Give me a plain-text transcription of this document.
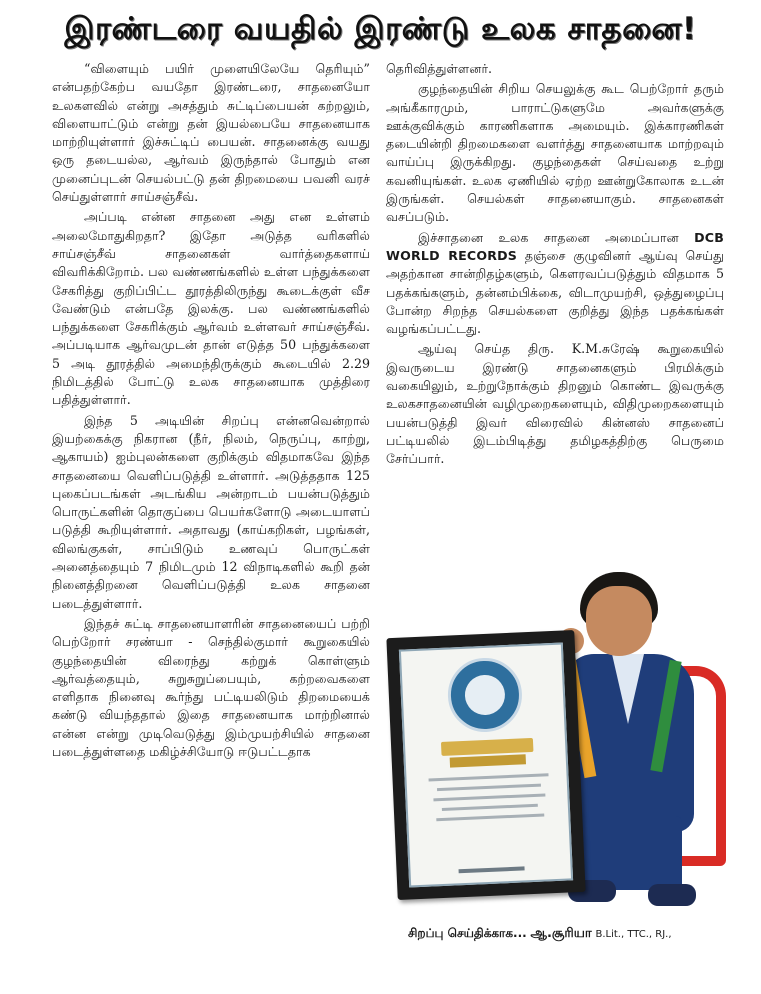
இரண்டரை வயதில் இரண்டு உலக சாதனை!

“விளையும் பயிர் முளையிலேயே தெரியும்” என்பதற்கேற்ப வயதோ இரண்டரை, சாதனையோ உலகளவில் என்று அசத்தும் சுட்டிப்பையன் கற்றலும், விளையாட்டும் என்று தன் இயல்பையே சாதனையாக மாற்றியுள்ளார் இச்சுட்டிப் பையன். சாதனைக்கு வயது ஒரு தடையல்ல, ஆர்வம் இருந்தால் போதும் என முனைப்புடன் செயல்பட்டு தன் திறமையை பவனி வரச் செய்துள்ளார் சாய்சஞ்சீவ்.

அப்படி என்ன சாதனை அது என உள்ளம் அலைமோதுகிறதா? இதோ அடுத்த வரிகளில் சாய்சஞ்சீவ் சாதனைகள் வார்த்தைகளாய் விவரிக்கிறோம். பல வண்ணங்களில் உள்ள பந்துக்களை சேகரித்து குறிப்பிட்ட தூரத்திலிருந்து கூடைக்குள் வீச வேண்டும் என்பதே இலக்கு. பல வண்ணங்களில் பந்துக்களை சேகரிக்கும் ஆர்வம் உள்ளவர் சாய்சஞ்சீவ். அப்படியாக ஆர்வமுடன் தான் எடுத்த 50 பந்துக்களை 5 அடி தூரத்தில் அமைந்திருக்கும் கூடையில் 2.29 நிமிடத்தில் போட்டு உலக சாதனையாக முத்திரை பதித்துள்ளார்.

இந்த 5 அடியின் சிறப்பு என்னவென்றால் இயற்கைக்கு நிகரான (நீர், நிலம், நெருப்பு, காற்று, ஆகாயம்) ஐம்புலன்களை குறிக்கும் விதமாகவே இந்த சாதனையை வெளிப்படுத்தி உள்ளார். அடுத்ததாக 125 புகைப்படங்கள் அடங்கிய அன்றாடம் பயன்படுத்தும் பொருட்களின் தொகுப்பை பெயர்களோடு அடையாளப் படுத்தி கூறியுள்ளார். அதாவது (காய்கறிகள், பழங்கள், விலங்குகள், சாப்பிடும் உணவுப் பொருட்கள் அனைத்தையும் 7 நிமிடமும் 12 விநாடிகளில் கூறி தன் நினைத்திறனை வெளிப்படுத்தி உலக சாதனை படைத்துள்ளார்.

இந்தச் சுட்டி சாதனையாளரின் சாதனையைப் பற்றி பெற்றோர் சரண்யா - செந்தில்குமார் கூறுகையில் குழந்தையின் விரைந்து கற்றுக் கொள்ளும் ஆர்வத்தையும், சுறுசுறுப்பையும், கற்றவைகளை எளிதாக நினைவு கூர்ந்து பட்டியலிடும் திறமையைக் கண்டு வியந்ததால் இதை சாதனையாக மாற்றினால் என்ன என்று முடிவெடுத்து இம்முயற்சியில் சாதனை படைத்துள்ளதை மகிழ்ச்சியோடு ஈடுபட்டதாக

தெரிவித்துள்ளனர்.

குழந்தையின் சிறிய செயலுக்கு கூட பெற்றோர் தரும் அங்கீகாரமும், பாராட்டுகளுமே அவர்களுக்கு ஊக்குவிக்கும் காரணிகளாக அமையும். இக்காரணிகள் தடையின்றி திறமைகளை வளர்த்து சாதனையாக மாற்றவும் வாய்ப்பு இருக்கிறது. குழந்தைகள் செய்வதை உற்று கவனியுங்கள். உலக ஏணியில் ஏற்ற ஊன்றுகோலாக உடன் இருங்கள். செயல்கள் சாதனையாகும். சாதனைகள் வசப்படும்.

இச்சாதனை உலக சாதனை அமைப்பான DCB WORLD RECORDS தஞ்சை குழுவினர் ஆய்வு செய்து அதற்கான சான்றிதழ்களும், கௌரவப்படுத்தும் விதமாக 5 பதக்கங்களும், தன்னம்பிக்கை, விடாமுயற்சி, ஒத்துழைப்பு போன்ற சிறந்த செயல்களை குறித்து இந்த பதக்கங்கள் வழங்கப்பட்டது.

ஆய்வு செய்த திரு. K.M.சுரேஷ் கூறுகையில் இவருடைய இரண்டு சாதனைகளும் பிரமிக்கும் வகையிலும், உற்றுநோக்கும் திறனும் கொண்ட இவருக்கு உலகசாதனையின் வழிமுறைகளையும், விதிமுறைகளையும் பயன்படுத்தி இவர் விரைவில் கின்னஸ் சாதனைப் பட்டியலில் இடம்பிடித்து தமிழகத்திற்கு பெருமை சேர்ப்பார்.

சிறப்பு செய்திக்காக... ஆ.சூரியா B.Lit., TTC., RJ.,
